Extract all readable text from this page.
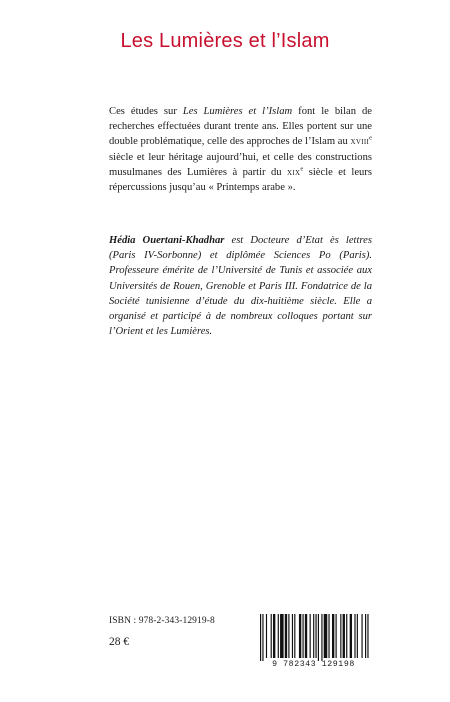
Les Lumières et l’Islam

Ces études sur Les Lumières et l’Islam font le bilan de recherches effectuées durant trente ans. Elles portent sur une double problématique, celle des approches de l’Islam au xviii$^e$ siècle et leur héritage aujourd’hui, et celle des constructions musulmanes des Lumières à partir du xix$^e$ siècle et leurs répercussions jusqu’au « Printemps arabe ».

Hédia Ouertani-Khadhar est Docteure d’Etat ès lettres (Paris IV-Sorbonne) et diplômée Sciences Po (Paris). Professeure émérite de l’Université de Tunis et associée aux Universités de Rouen, Grenoble et Paris III. Fondatrice de la Société tunisienne d’étude du dix-huitième siècle. Elle a organisé et participé à de nombreux colloques portant sur l’Orient et les Lumières.

ISBN : 978-2-343-12919-8
28 €
9 782343 129198
